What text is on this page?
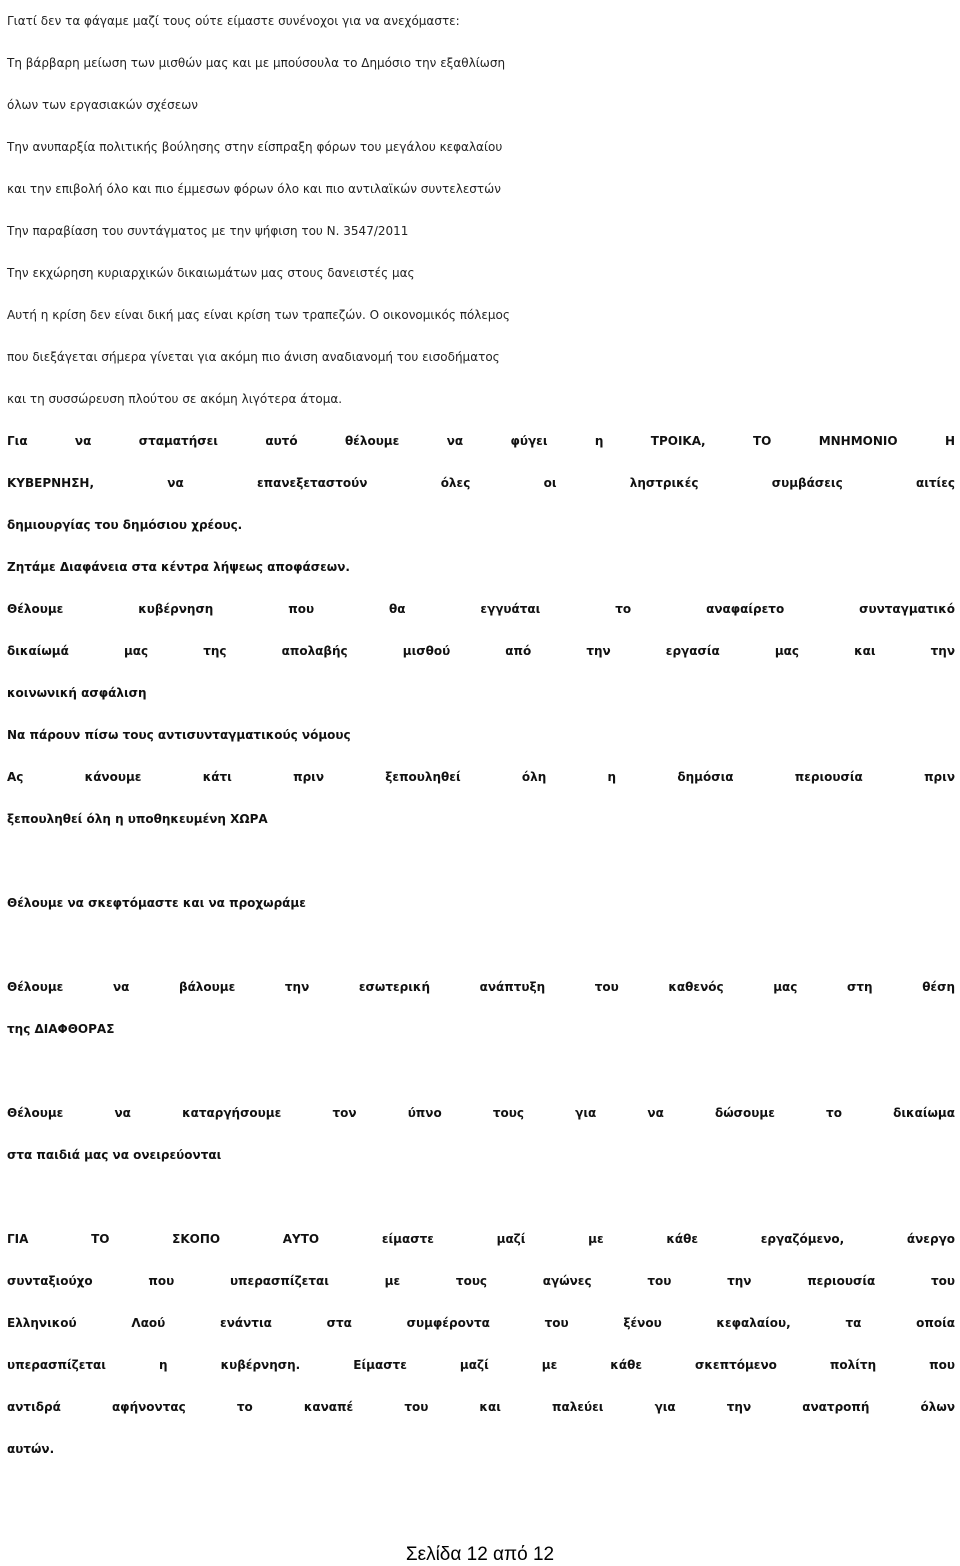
Γιατί δεν τα φάγαμε μαζί τους ούτε είμαστε συνένοχοι για να ανεχόμαστε:
Τη βάρβαρη μείωση των μισθών μας και με μπούσουλα το Δημόσιο την εξαθλίωση
όλων των εργασιακών σχέσεων
Την ανυπαρξία πολιτικής βούλησης στην είσπραξη φόρων του μεγάλου κεφαλαίου
και την επιβολή όλο και πιο έμμεσων φόρων όλο και πιο αντιλαϊκών συντελεστών
Την παραβίαση του συντάγματος με την ψήφιση του Ν. 3547/2011
Την εκχώρηση κυριαρχικών δικαιωμάτων μας στους δανειστές μας
Αυτή η κρίση δεν είναι δική μας είναι κρίση των τραπεζών. Ο οικονομικός πόλεμος
που διεξάγεται σήμερα γίνεται για ακόμη πιο άνιση αναδιανομή του εισοδήματος
και τη συσσώρευση πλούτου σε ακόμη λιγότερα άτομα.
Για να σταματήσει αυτό θέλουμε να φύγει η ΤΡΟΙΚΑ, ΤΟ ΜΝΗΜΟΝΙΟ Η
ΚΥΒΕΡΝΗΣΗ, να επανεξεταστούν όλες οι ληστρικές συμβάσεις αιτίες
δημιουργίας του δημόσιου χρέους.
Ζητάμε Διαφάνεια στα κέντρα λήψεως αποφάσεων.
Θέλουμε κυβέρνηση που θα εγγυάται το αναφαίρετο συνταγματικό
δικαίωμά μας της απολαβής μισθού από την εργασία μας και την
κοινωνική ασφάλιση
Να πάρουν πίσω τους αντισυνταγματικούς νόμους
Ας κάνουμε κάτι πριν ξεπουληθεί όλη η δημόσια περιουσία πριν
ξεπουληθεί όλη η υποθηκευμένη ΧΩΡΑ
Θέλουμε να σκεφτόμαστε και να προχωράμε
Θέλουμε να βάλουμε την εσωτερική ανάπτυξη του καθενός μας στη θέση
της ΔΙΑΦΘΟΡΑΣ
Θέλουμε να καταργήσουμε τον ύπνο τους για να δώσουμε το δικαίωμα
στα παιδιά μας να ονειρεύονται
ΓΙΑ ΤΟ ΣΚΟΠΟ ΑΥΤΟ είμαστε μαζί με κάθε εργαζόμενο, άνεργο
συνταξιούχο που υπερασπίζεται με τους αγώνες του την περιουσία του
Ελληνικού Λαού ενάντια στα συμφέροντα του ξένου κεφαλαίου, τα οποία
υπερασπίζεται η κυβέρνηση. Είμαστε μαζί με κάθε σκεπτόμενο πολίτη που
αντιδρά αφήνοντας το καναπέ του και παλεύει για την ανατροπή όλων
αυτών.
Σελίδα 12 από 12
